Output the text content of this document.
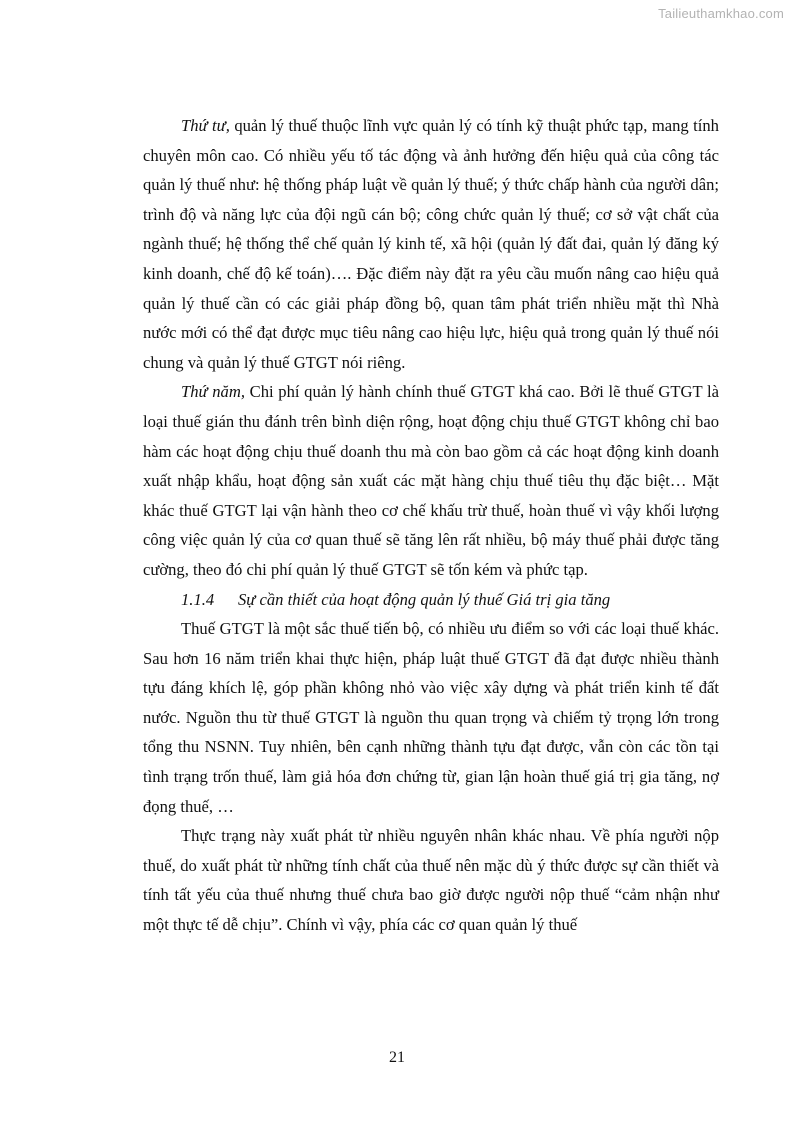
Tailieuthamkhao.com

Thứ tư, quản lý thuế thuộc lĩnh vực quản lý có tính kỹ thuật phức tạp, mang tính chuyên môn cao. Có nhiều yếu tố tác động và ảnh hưởng đến hiệu quả của công tác quản lý thuế như: hệ thống pháp luật về quản lý thuế; ý thức chấp hành của người dân; trình độ và năng lực của đội ngũ cán bộ; công chức quản lý thuế; cơ sở vật chất của ngành thuế; hệ thống thể chế quản lý kinh tế, xã hội (quản lý đất đai, quản lý đăng ký kinh doanh, chế độ kế toán)…. Đặc điểm này đặt ra yêu cầu muốn nâng cao hiệu quả quản lý thuế cần có các giải pháp đồng bộ, quan tâm phát triển nhiều mặt thì Nhà nước mới có thể đạt được mục tiêu nâng cao hiệu lực, hiệu quả trong quản lý thuế nói chung và quản lý thuế GTGT nói riêng.

Thứ năm, Chi phí quản lý hành chính thuế GTGT khá cao. Bởi lẽ thuế GTGT là loại thuế gián thu đánh trên bình diện rộng, hoạt động chịu thuế GTGT không chỉ bao hàm các hoạt động chịu thuế doanh thu mà còn bao gồm cả các hoạt động kinh doanh xuất nhập khẩu, hoạt động sản xuất các mặt hàng chịu thuế tiêu thụ đặc biệt… Mặt khác thuế GTGT lại vận hành theo cơ chế khấu trừ thuế, hoàn thuế vì vậy khối lượng công việc quản lý của cơ quan thuế sẽ tăng lên rất nhiều, bộ máy thuế phải được tăng cường, theo đó chi phí quản lý thuế GTGT sẽ tốn kém và phức tạp.

1.1.4 Sự cần thiết của hoạt động quản lý thuế Giá trị gia tăng

Thuế GTGT là một sắc thuế tiến bộ, có nhiều ưu điểm so với các loại thuế khác. Sau hơn 16 năm triển khai thực hiện, pháp luật thuế GTGT đã đạt được nhiều thành tựu đáng khích lệ, góp phần không nhỏ vào việc xây dựng và phát triển kinh tế đất nước. Nguồn thu từ thuế GTGT là nguồn thu quan trọng và chiếm tỷ trọng lớn trong tổng thu NSNN. Tuy nhiên, bên cạnh những thành tựu đạt được, vẫn còn các tồn tại tình trạng trốn thuế, làm giả hóa đơn chứng từ, gian lận hoàn thuế giá trị gia tăng, nợ đọng thuế, …

Thực trạng này xuất phát từ nhiều nguyên nhân khác nhau. Về phía người nộp thuế, do xuất phát từ những tính chất của thuế nên mặc dù ý thức được sự cần thiết và tính tất yếu của thuế nhưng thuế chưa bao giờ được người nộp thuế “cảm nhận như một thực tế dễ chịu”. Chính vì vậy, phía các cơ quan quản lý thuế

21
